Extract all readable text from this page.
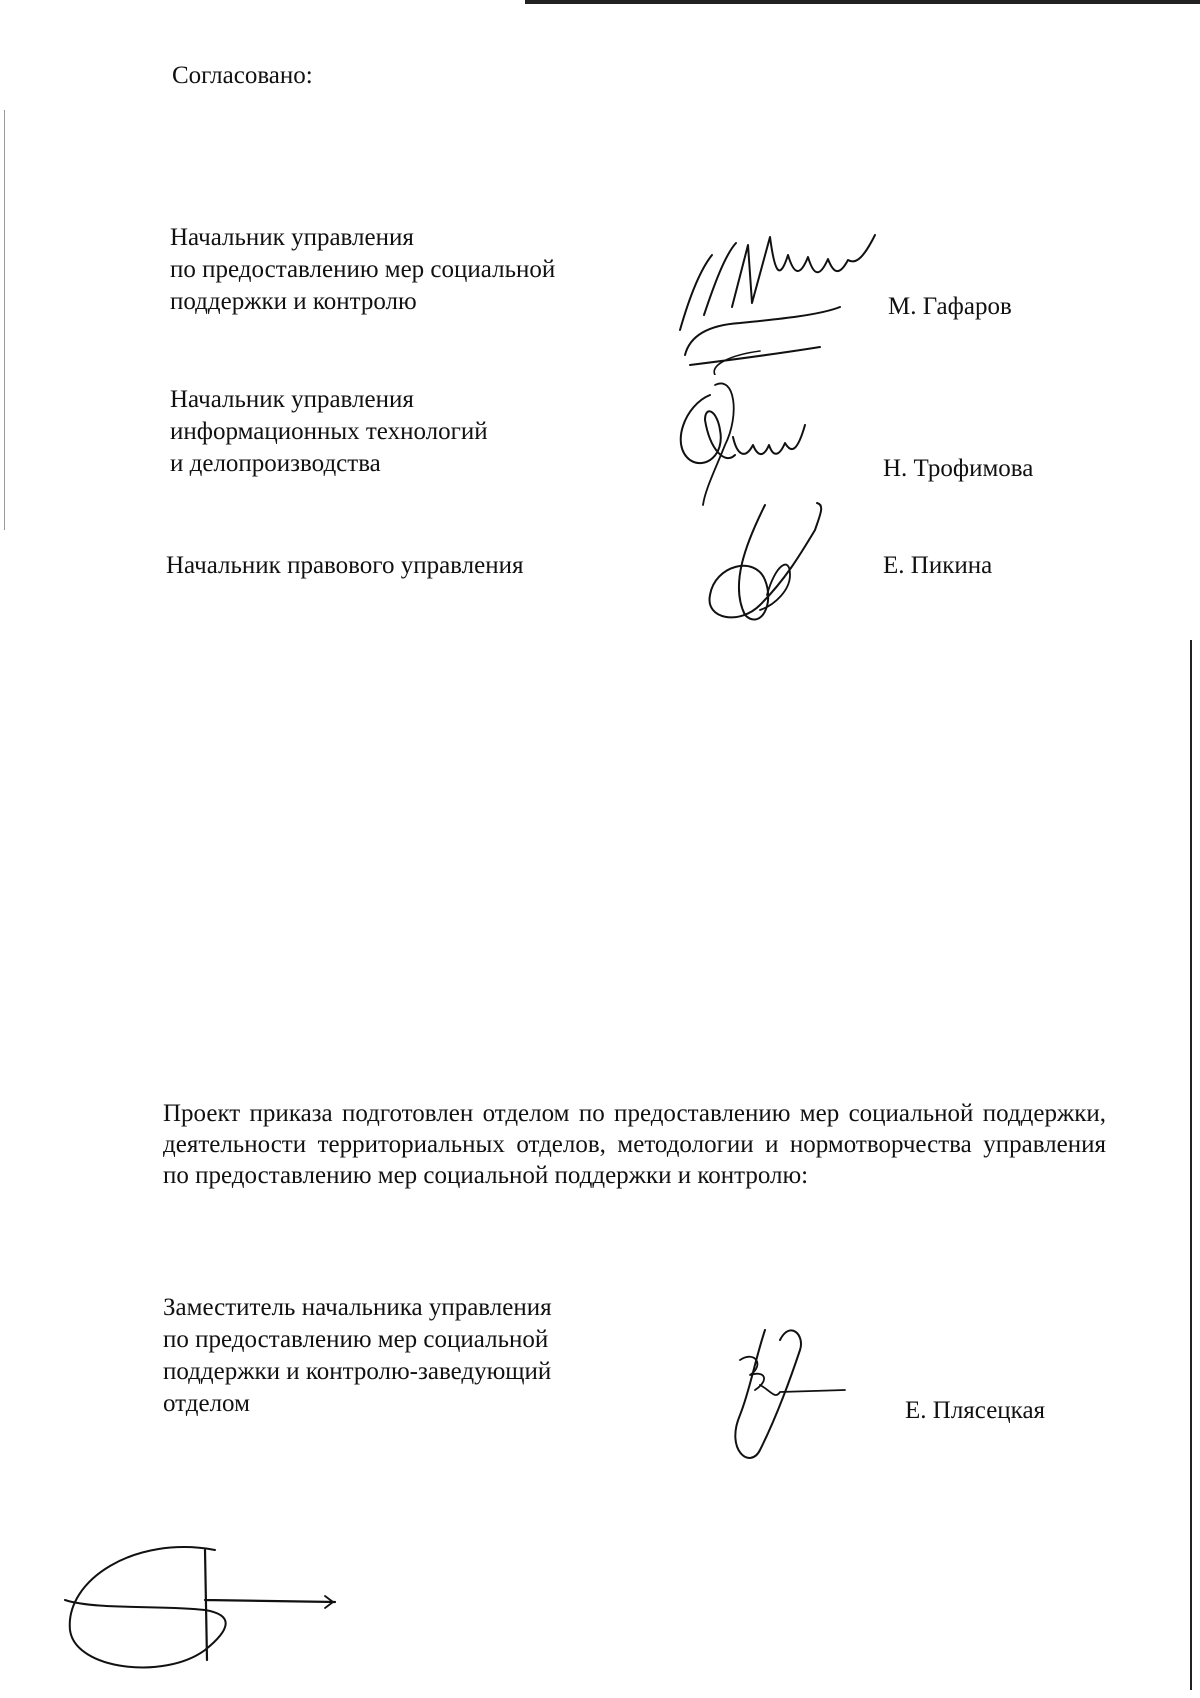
Согласовано:
Начальник управления
по предоставлению мер социальной
поддержки и контролю	М. Гафаров
Начальник управления
информационных технологий
и делопроизводства	Н. Трофимова
Начальник правового управления	Е. Пикина
Проект приказа подготовлен отделом по предоставлению мер социальной поддержки, деятельности территориальных отделов, методологии и нормотворчества управления по предоставлению мер социальной поддержки и контролю:
Заместитель начальника управления
по предоставлению мер социальной
поддержки и контролю-заведующий
отделом	Е. Плясецкая
